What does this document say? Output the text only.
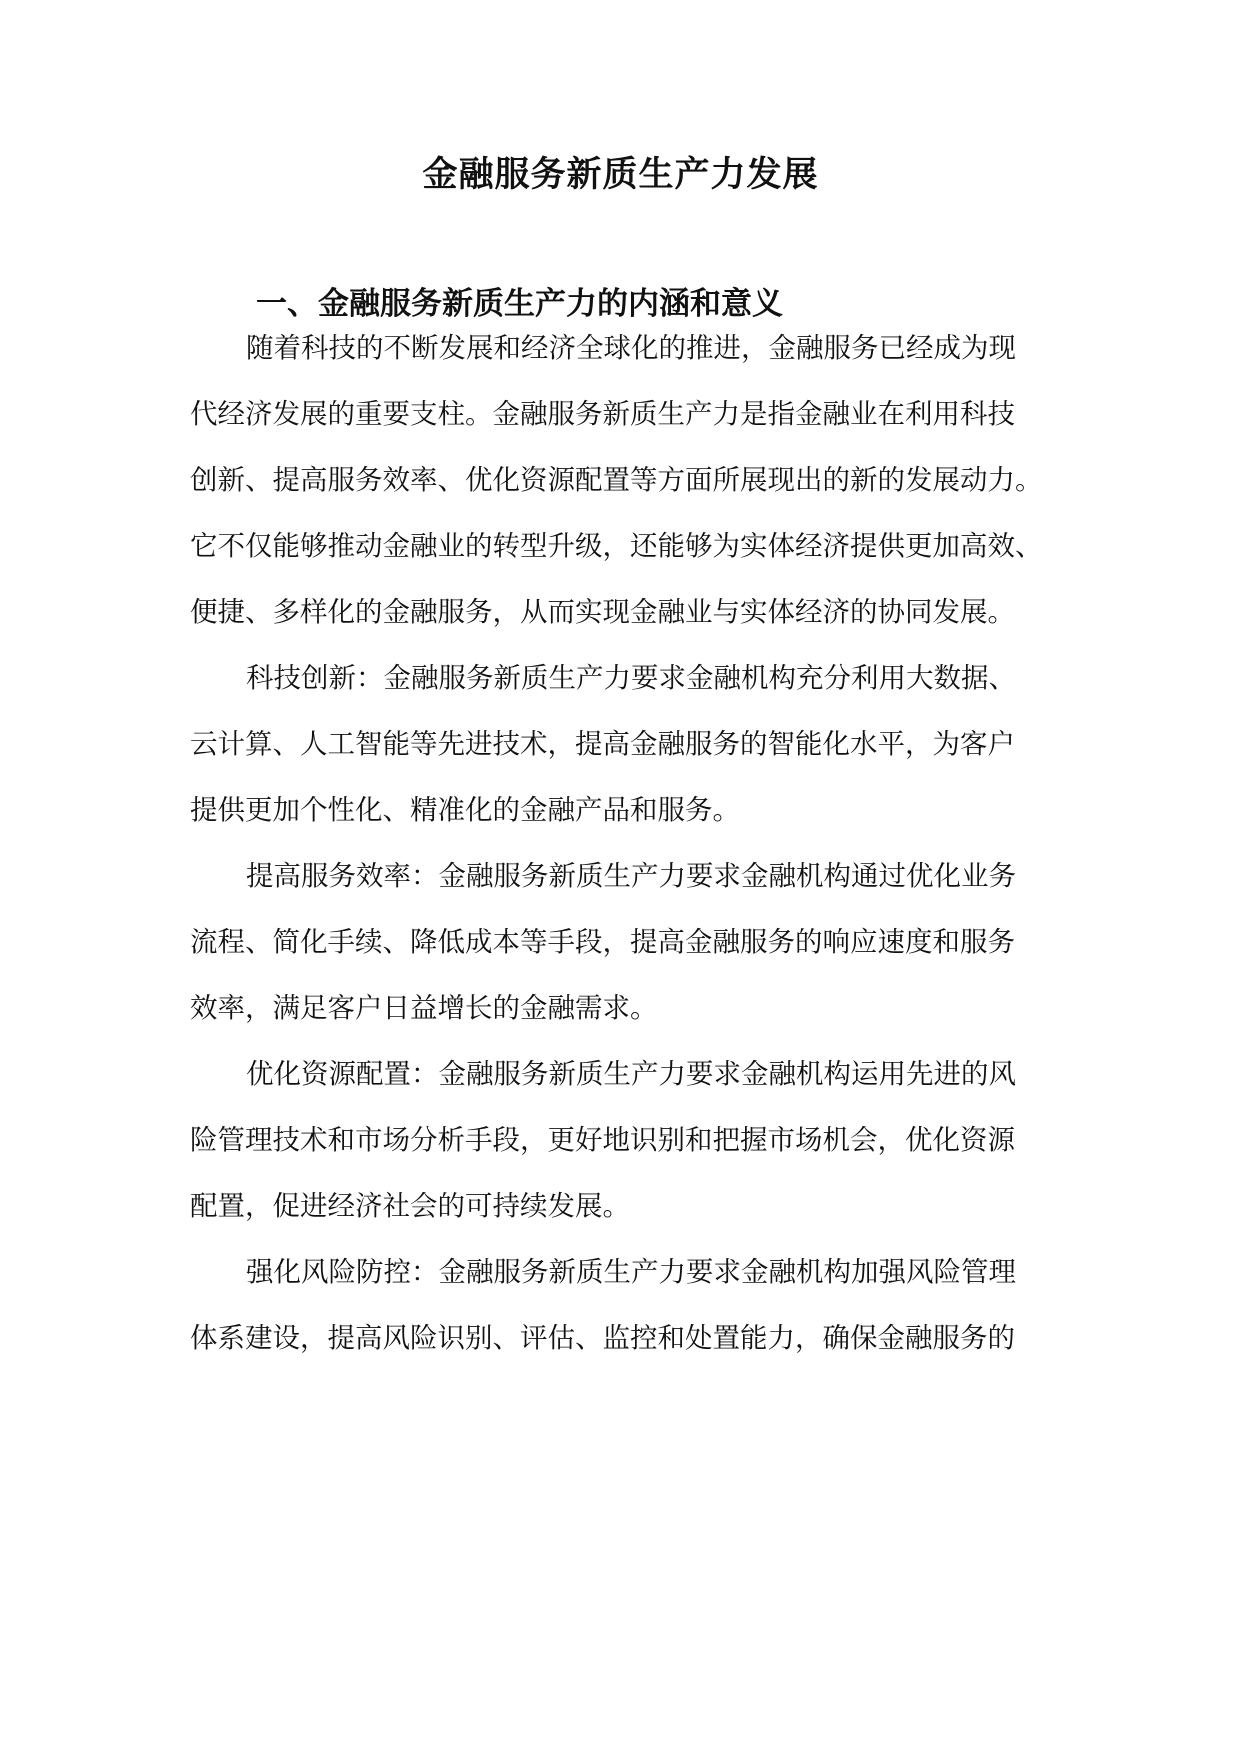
金融服务新质生产力发展
一、金融服务新质生产力的内涵和意义

随着科技的不断发展和经济全球化的推进，金融服务已经成为现

代经济发展的重要支柱。金融服务新质生产力是指金融业在利用科技

创新、提高服务效率、优化资源配置等方面所展现出的新的发展动力。

它不仅能够推动金融业的转型升级，还能够为实体经济提供更加高效、

便捷、多样化的金融服务，从而实现金融业与实体经济的协同发展。

科技创新：金融服务新质生产力要求金融机构充分利用大数据、

云计算、人工智能等先进技术，提高金融服务的智能化水平，为客户

提供更加个性化、精准化的金融产品和服务。

提高服务效率：金融服务新质生产力要求金融机构通过优化业务

流程、简化手续、降低成本等手段，提高金融服务的响应速度和服务

效率，满足客户日益增长的金融需求。

优化资源配置：金融服务新质生产力要求金融机构运用先进的风

险管理技术和市场分析手段，更好地识别和把握市场机会，优化资源

配置，促进经济社会的可持续发展。

强化风险防控：金融服务新质生产力要求金融机构加强风险管理

体系建设，提高风险识别、评估、监控和处置能力，确保金融服务的
